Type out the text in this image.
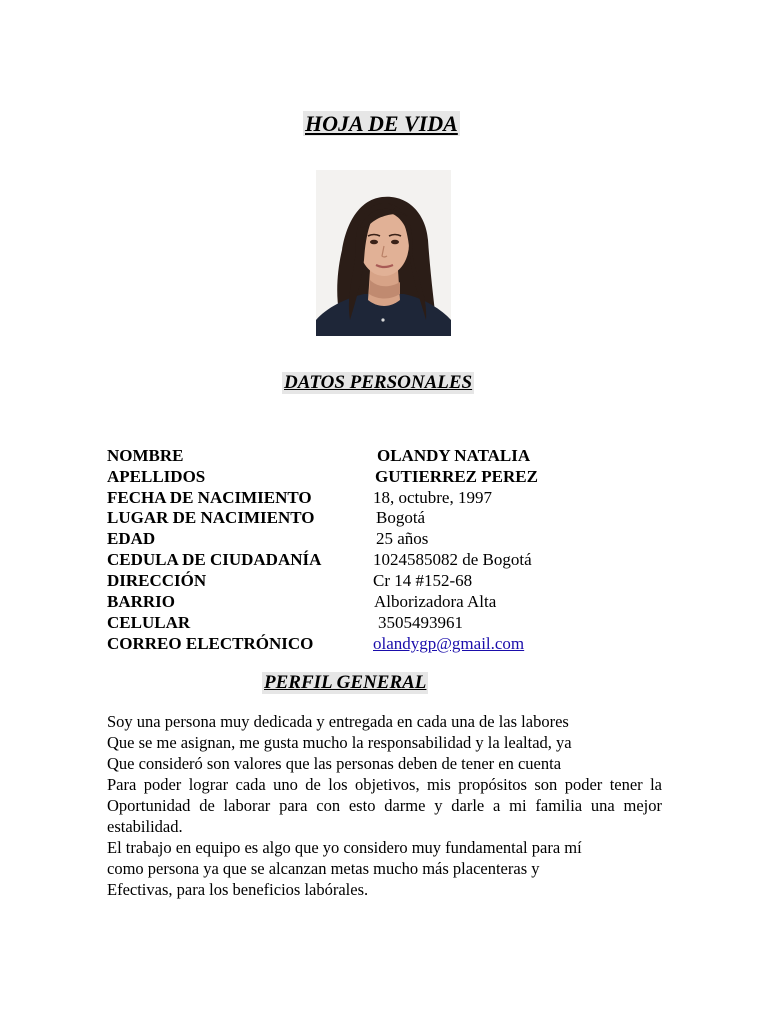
HOJA DE VIDA
DATOS PERSONALES
NOMBRE	OLANDY NATALIA
APELLIDOS	GUTIERREZ PEREZ
FECHA DE NACIMIENTO	18, octubre, 1997
LUGAR DE NACIMIENTO	Bogotá
EDAD	25 años
CEDULA DE CIUDADANÍA	1024585082 de Bogotá
DIRECCIÓN	Cr 14 #152-68
BARRIO	Alborizadora Alta
CELULAR	3505493961
CORREO ELECTRÓNICO	olandygp@gmail.com
PERFIL GENERAL
Soy una persona muy dedicada y entregada en cada una de las labores
Que se me asignan, me gusta mucho la responsabilidad y la lealtad, ya
Que consideró son valores que las personas deben de tener en cuenta
Para poder lograr cada uno de los objetivos, mis propósitos son poder tener la
Oportunidad de laborar para con esto darme y darle a mi familia una mejor
estabilidad.
El trabajo en equipo es algo que yo considero muy fundamental para mí
como persona ya que se alcanzan metas mucho más placenteras y
Efectivas, para los beneficios labórales.
